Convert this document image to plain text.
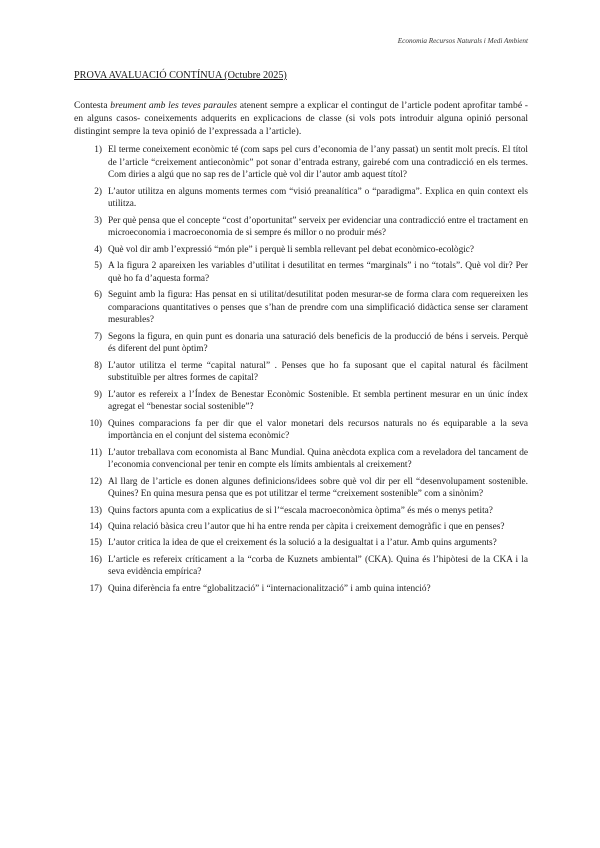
Economia Recursos Naturals i Medi Ambient
PROVA AVALUACIÓ CONTÍNUA (Octubre 2025)

Contesta breument amb les teves paraules atenent sempre a explicar el contingut de l’article podent aprofitar també -en alguns casos- coneixements adquerits en explicacions de classe (si vols pots introduir alguna opinió personal distingint sempre la teva opinió de l’expressada a l’article).

1) El terme coneixement econòmic té (com saps pel curs d’economia de l’any passat) un sentit molt precís. El títol de l’article “creixement antieconòmic” pot sonar d’entrada estrany, gairebé com una contradicció en els termes. Com diries a algú que no sap res de l’article què vol dir l’autor amb aquest títol?
2) L’autor utilitza en alguns moments termes com “visió preanalítica” o “paradigma”. Explica en quin context els utilitza.
3) Per què pensa que el concepte “cost d’oportunitat” serveix per evidenciar una contradicció entre el tractament en microeconomia i macroeconomia de si sempre és millor o no produir més?
4) Què vol dir amb l’expressió “món ple” i perquè li sembla rellevant pel debat econòmico-ecològic?
5) A la figura 2 apareixen les variables d’utilitat i desutilitat en termes “marginals” i no “totals”. Què vol dir? Per què ho fa d’aquesta forma?
6) Seguint amb la figura: Has pensat en si utilitat/desutilitat poden mesurar-se de forma clara com requereixen les comparacions quantitatives o penses que s’han de prendre com una simplificació didàctica sense ser clarament mesurables?
7) Segons la figura, en quin punt es donaria una saturació dels beneficis de la producció de béns i serveis. Perquè és diferent del punt òptim?
8) L’autor utilitza el terme “capital natural” . Penses que ho fa suposant que el capital natural és fàcilment substituïble per altres formes de capital?
9) L’autor es refereix a l’Índex de Benestar Econòmic Sostenible. Et sembla pertinent mesurar en un únic índex agregat el “benestar social sostenible”?
10) Quines comparacions fa per dir que el valor monetari dels recursos naturals no és equiparable a la seva importància en el conjunt del sistema econòmic?
11) L’autor treballava com economista al Banc Mundial. Quina anècdota explica com a reveladora del tancament de l’economia convencional per tenir en compte els límits ambientals al creixement?
12) Al llarg de l’article es donen algunes definicions/idees sobre què vol dir per ell “desenvolupament sostenible. Quines? En quina mesura pensa que es pot utilitzar el terme “creixement sostenible” com a sinònim?
13) Quins factors apunta com a explicatius de si l’“escala macroeconòmica òptima” és més o menys petita?
14) Quina relació bàsica creu l’autor que hi ha entre renda per càpita i creixement demogràfic i que en penses?
15) L’autor critica la idea de que el creixement és la solució a la desigualtat i a l’atur. Amb quins arguments?
16) L’article es refereix críticament a la “corba de Kuznets ambiental” (CKA). Quina és l’hipòtesi de la CKA i la seva evidència empírica?
17) Quina diferència fa entre “globalització” i “internacionalització” i amb quina intenció?
